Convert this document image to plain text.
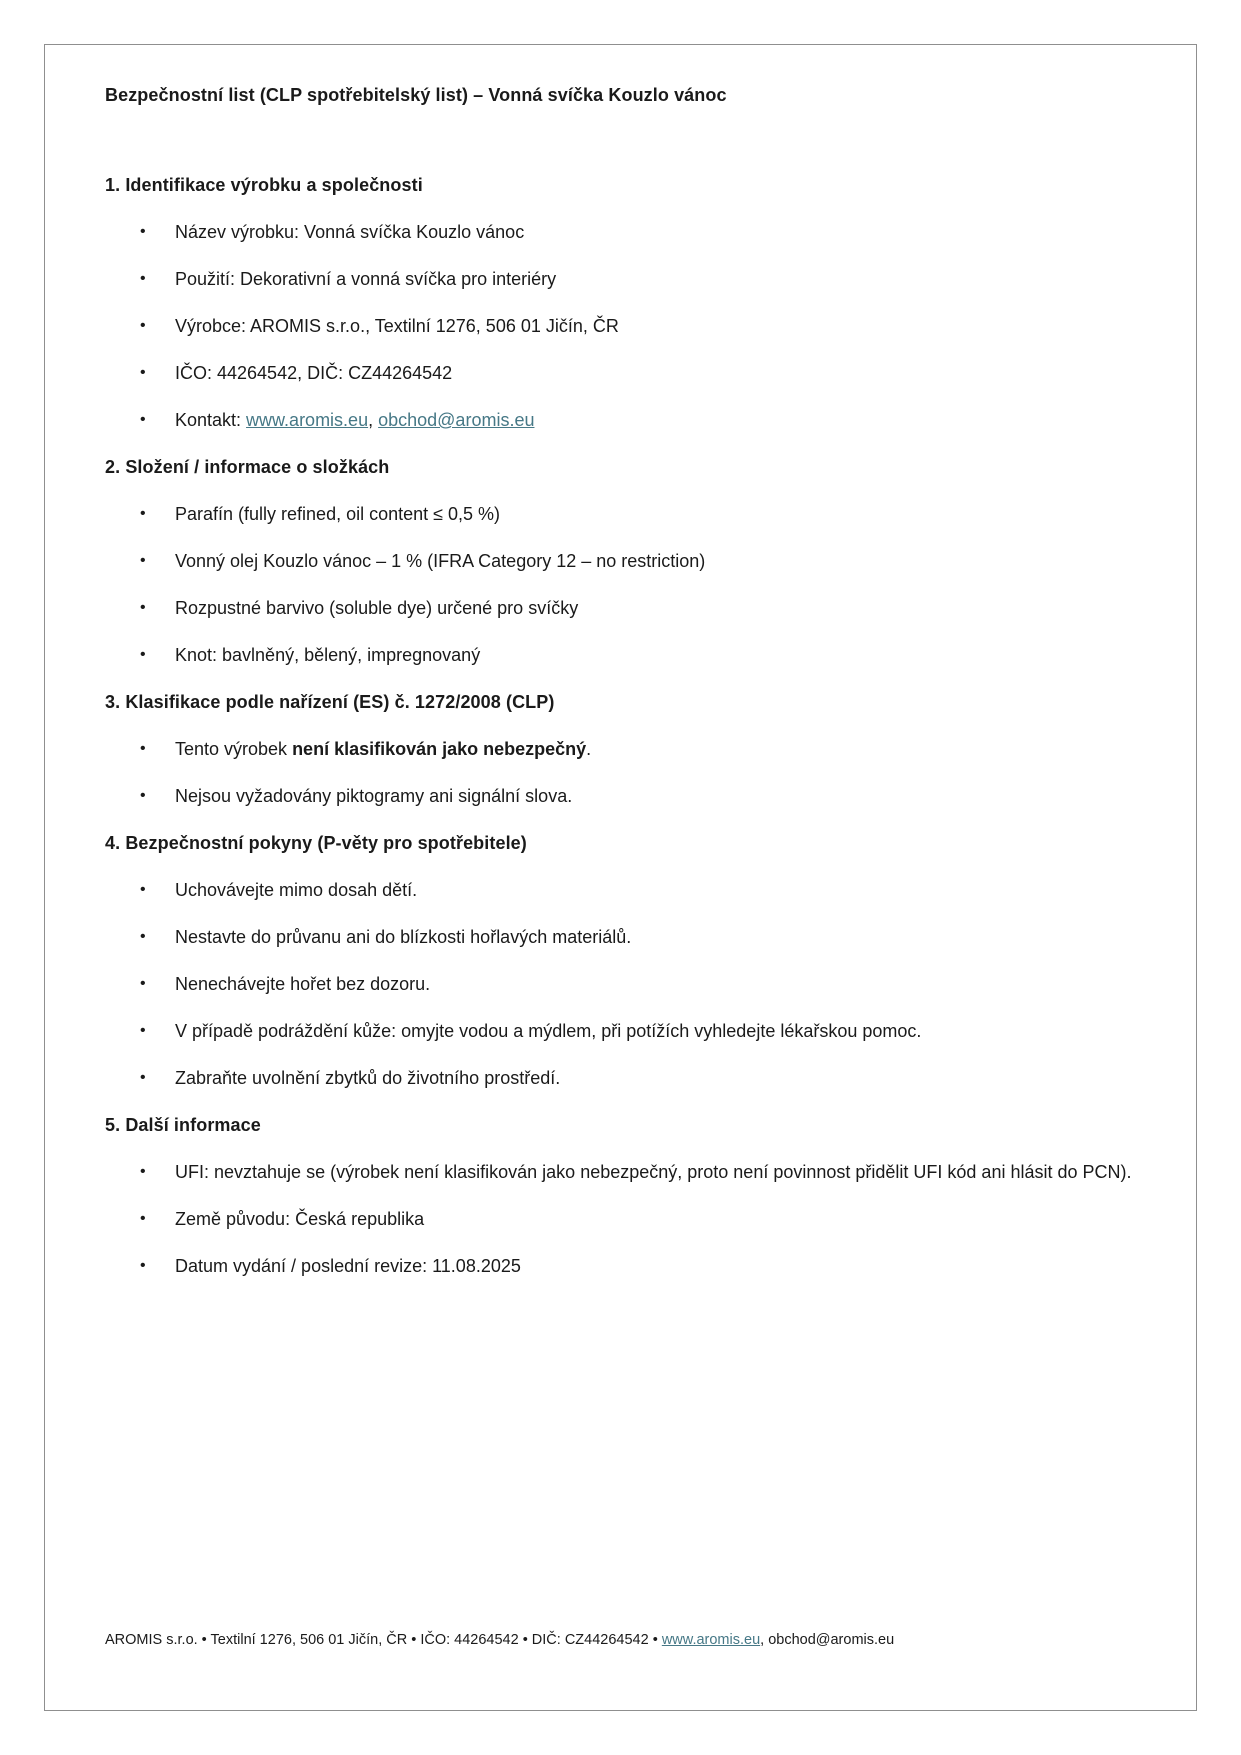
Bezpečnostní list (CLP spotřebitelský list) – Vonná svíčka Kouzlo vánoc
1. Identifikace výrobku a společnosti
•	Název výrobku: Vonná svíčka Kouzlo vánoc
•	Použití: Dekorativní a vonná svíčka pro interiéry
•	Výrobce: AROMIS s.r.o., Textilní 1276, 506 01 Jičín, ČR
•	IČO: 44264542, DIČ: CZ44264542
•	Kontakt: www.aromis.eu, obchod@aromis.eu
2. Složení / informace o složkách
•	Parafín (fully refined, oil content ≤ 0,5 %)
•	Vonný olej Kouzlo vánoc – 1 % (IFRA Category 12 – no restriction)
•	Rozpustné barvivo (soluble dye) určené pro svíčky
•	Knot: bavlněný, bělený, impregnovaný
3. Klasifikace podle nařízení (ES) č. 1272/2008 (CLP)
•	Tento výrobek není klasifikován jako nebezpečný.
•	Nejsou vyžadovány piktogramy ani signální slova.
4. Bezpečnostní pokyny (P-věty pro spotřebitele)
•	Uchovávejte mimo dosah dětí.
•	Nestavte do průvanu ani do blízkosti hořlavých materiálů.
•	Nenechávejte hořet bez dozoru.
•	V případě podráždění kůže: omyjte vodou a mýdlem, při potížích vyhledejte lékařskou pomoc.
•	Zabraňte uvolnění zbytků do životního prostředí.
5. Další informace
•	UFI: nevztahuje se (výrobek není klasifikován jako nebezpečný, proto není povinnost přidělit UFI kód ani hlásit do PCN).
•	Země původu: Česká republika
•	Datum vydání / poslední revize: 11.08.2025
AROMIS s.r.o. • Textilní 1276, 506 01 Jičín, ČR • IČO: 44264542 • DIČ: CZ44264542 • www.aromis.eu, obchod@aromis.eu
